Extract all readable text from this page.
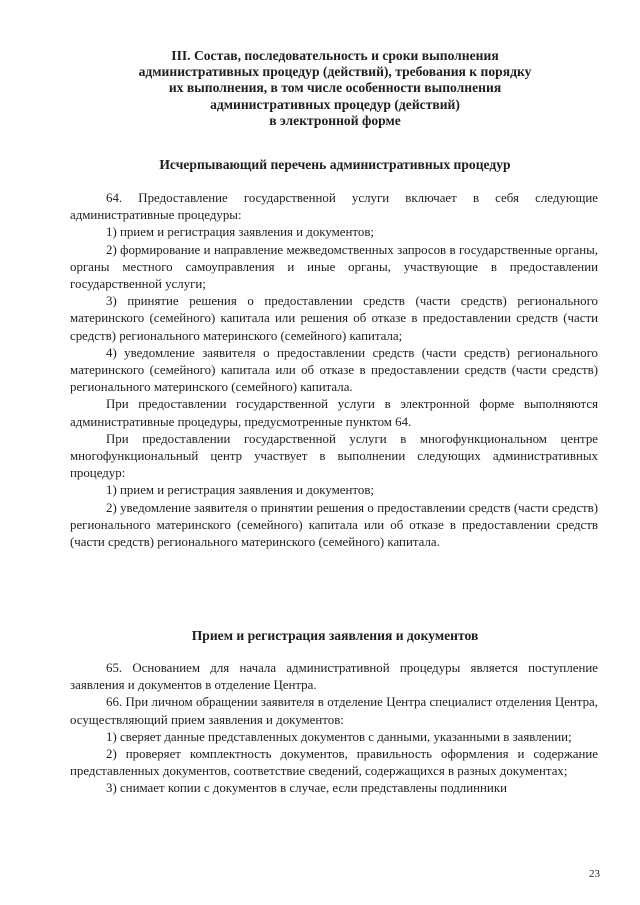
III. Состав, последовательность и сроки выполнения
административных процедур (действий), требования к порядку
их выполнения, в том числе особенности выполнения
административных процедур (действий)
в электронной форме
Исчерпывающий перечень административных процедур

64. Предоставление государственной услуги включает в себя следующие административные процедуры:

1) прием и регистрация заявления и документов;

2) формирование и направление межведомственных запросов в государственные органы, органы местного самоуправления и иные органы, участвующие в предоставлении государственной услуги;

3) принятие решения о предоставлении средств (части средств) регионального материнского (семейного) капитала или решения об отказе в предоставлении средств (части средств) регионального материнского (семейного) капитала;

4) уведомление заявителя о предоставлении средств (части средств) регионального материнского (семейного) капитала или об отказе в предоставлении средств (части средств) регионального материнского (семейного) капитала.

При предоставлении государственной услуги в электронной форме выполняются административные процедуры, предусмотренные пунктом 64.

При предоставлении государственной услуги в многофункциональном центре многофункциональный центр участвует в выполнении следующих административных процедур:

1) прием и регистрация заявления и документов;

2) уведомление заявителя о принятии решения о предоставлении средств (части средств) регионального материнского (семейного) капитала или об отказе в предоставлении средств (части средств) регионального материнского (семейного) капитала.

Прием и регистрация заявления и документов

65. Основанием для начала административной процедуры является поступление заявления и документов в отделение Центра.

66. При личном обращении заявителя в отделение Центра специалист отделения Центра, осуществляющий прием заявления и документов:

1) сверяет данные представленных документов с данными, указанными в заявлении;

2) проверяет комплектность документов, правильность оформления и содержание представленных документов, соответствие сведений, содержащихся в разных документах;

3) снимает копии с документов в случае, если представлены подлинники

23
